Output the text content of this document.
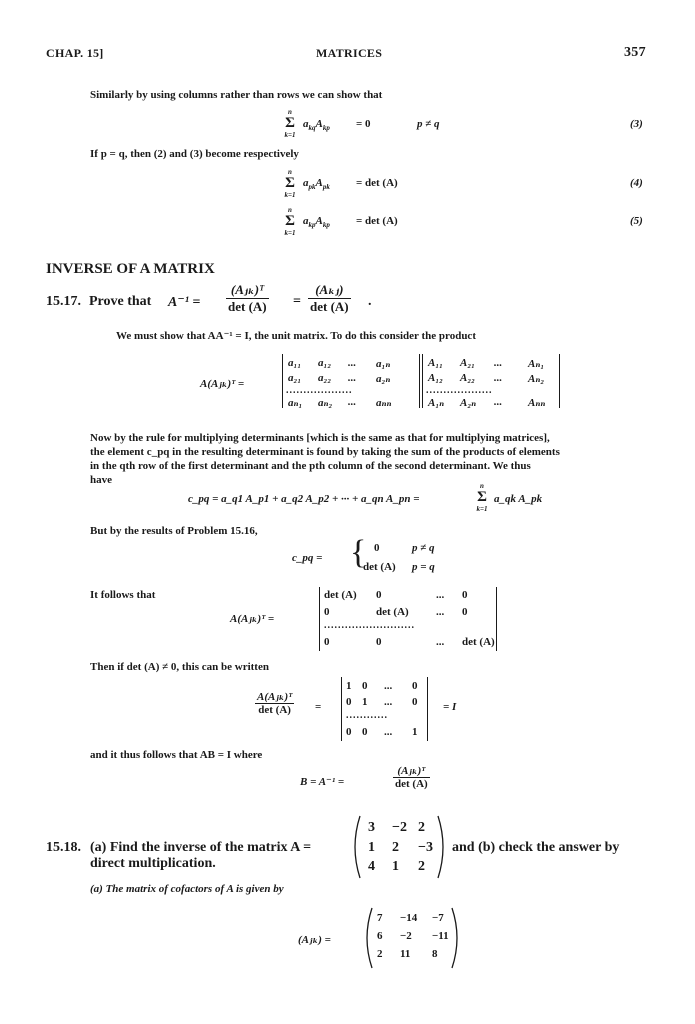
CHAP. 15]	MATRICES	357
Similarly by using columns rather than rows we can show that
n
Σ
k=1
$a_{kq}A_{kp} = 0$	p ≠ q	(3)
If p = q, then (2) and (3) become respectively
n
Σ
k=1
$a_{pk}A_{pk} = \det (A)$	(4)
n
Σ
k=1
$a_{kp}A_{kp} = \det (A)$	(5)
INVERSE OF A MATRIX
15.17. Prove that $A^{-1} = \frac{\text{(Aⱼₖ)ᵀ}}{\det (A)} = \frac{\text{(Aₖⱼ)}}{\det (A)}$ .
We must show that AA⁻¹ = I, the unit matrix. To do this consider the product
A(Aⱼₖ)ᵀ =
a₁₁ a₁₂ ... a₁ₙ
a₂₁ a₂₂ ... a₂ₙ
aₙ₁ aₙ₂ ... aₙₙ
A₁₁ A₂₁ ... Aₙ₁
A₁₂ A₂₂ ... Aₙ₂
A₁ₙ A₂ₙ ... Aₙₙ
...................	...................
Now by the rule for multiplying determinants [which is the same as that for multiplying matrices],
the element c_pq in the resulting determinant is found by taking the sum of the products of elements
in the qth row of the first determinant and the pth column of the second determinant. We thus
have
c_pq = a_q1 A_p1 + a_q2 A_p2 + ··· + a_qn A_pn =
n
Σ
k=1
a_qk A_pk
But by the results of Problem 15.16,
c_pq = { 0	p ≠ q
det (A) p = q
It follows that
A(Aⱼₖ)ᵀ =
det (A) 0	... 0
0	det (A) ... 0
0	0	... det (A)
..........................
Then if det (A) ≠ 0, this can be written
$\frac{\text{A(Aⱼₖ)ᵀ}}{\det (A)}$ =
1 0 ... 0
0 1 ... 0
0 0 ... 1
............
= I
and it thus follows that AB = I where
B = A⁻¹ =	$\frac{\text{(Aⱼₖ)ᵀ}}{\det (A)}$
15.18. (a) Find the inverse of the matrix A =
3 −2 2
1 2 −3
4 1 2
and (b) check the answer by
direct multiplication.
(a) The matrix of cofactors of A is given by
(Aⱼₖ) =
7 −14 −7
6 −2 −11
2 11 8
